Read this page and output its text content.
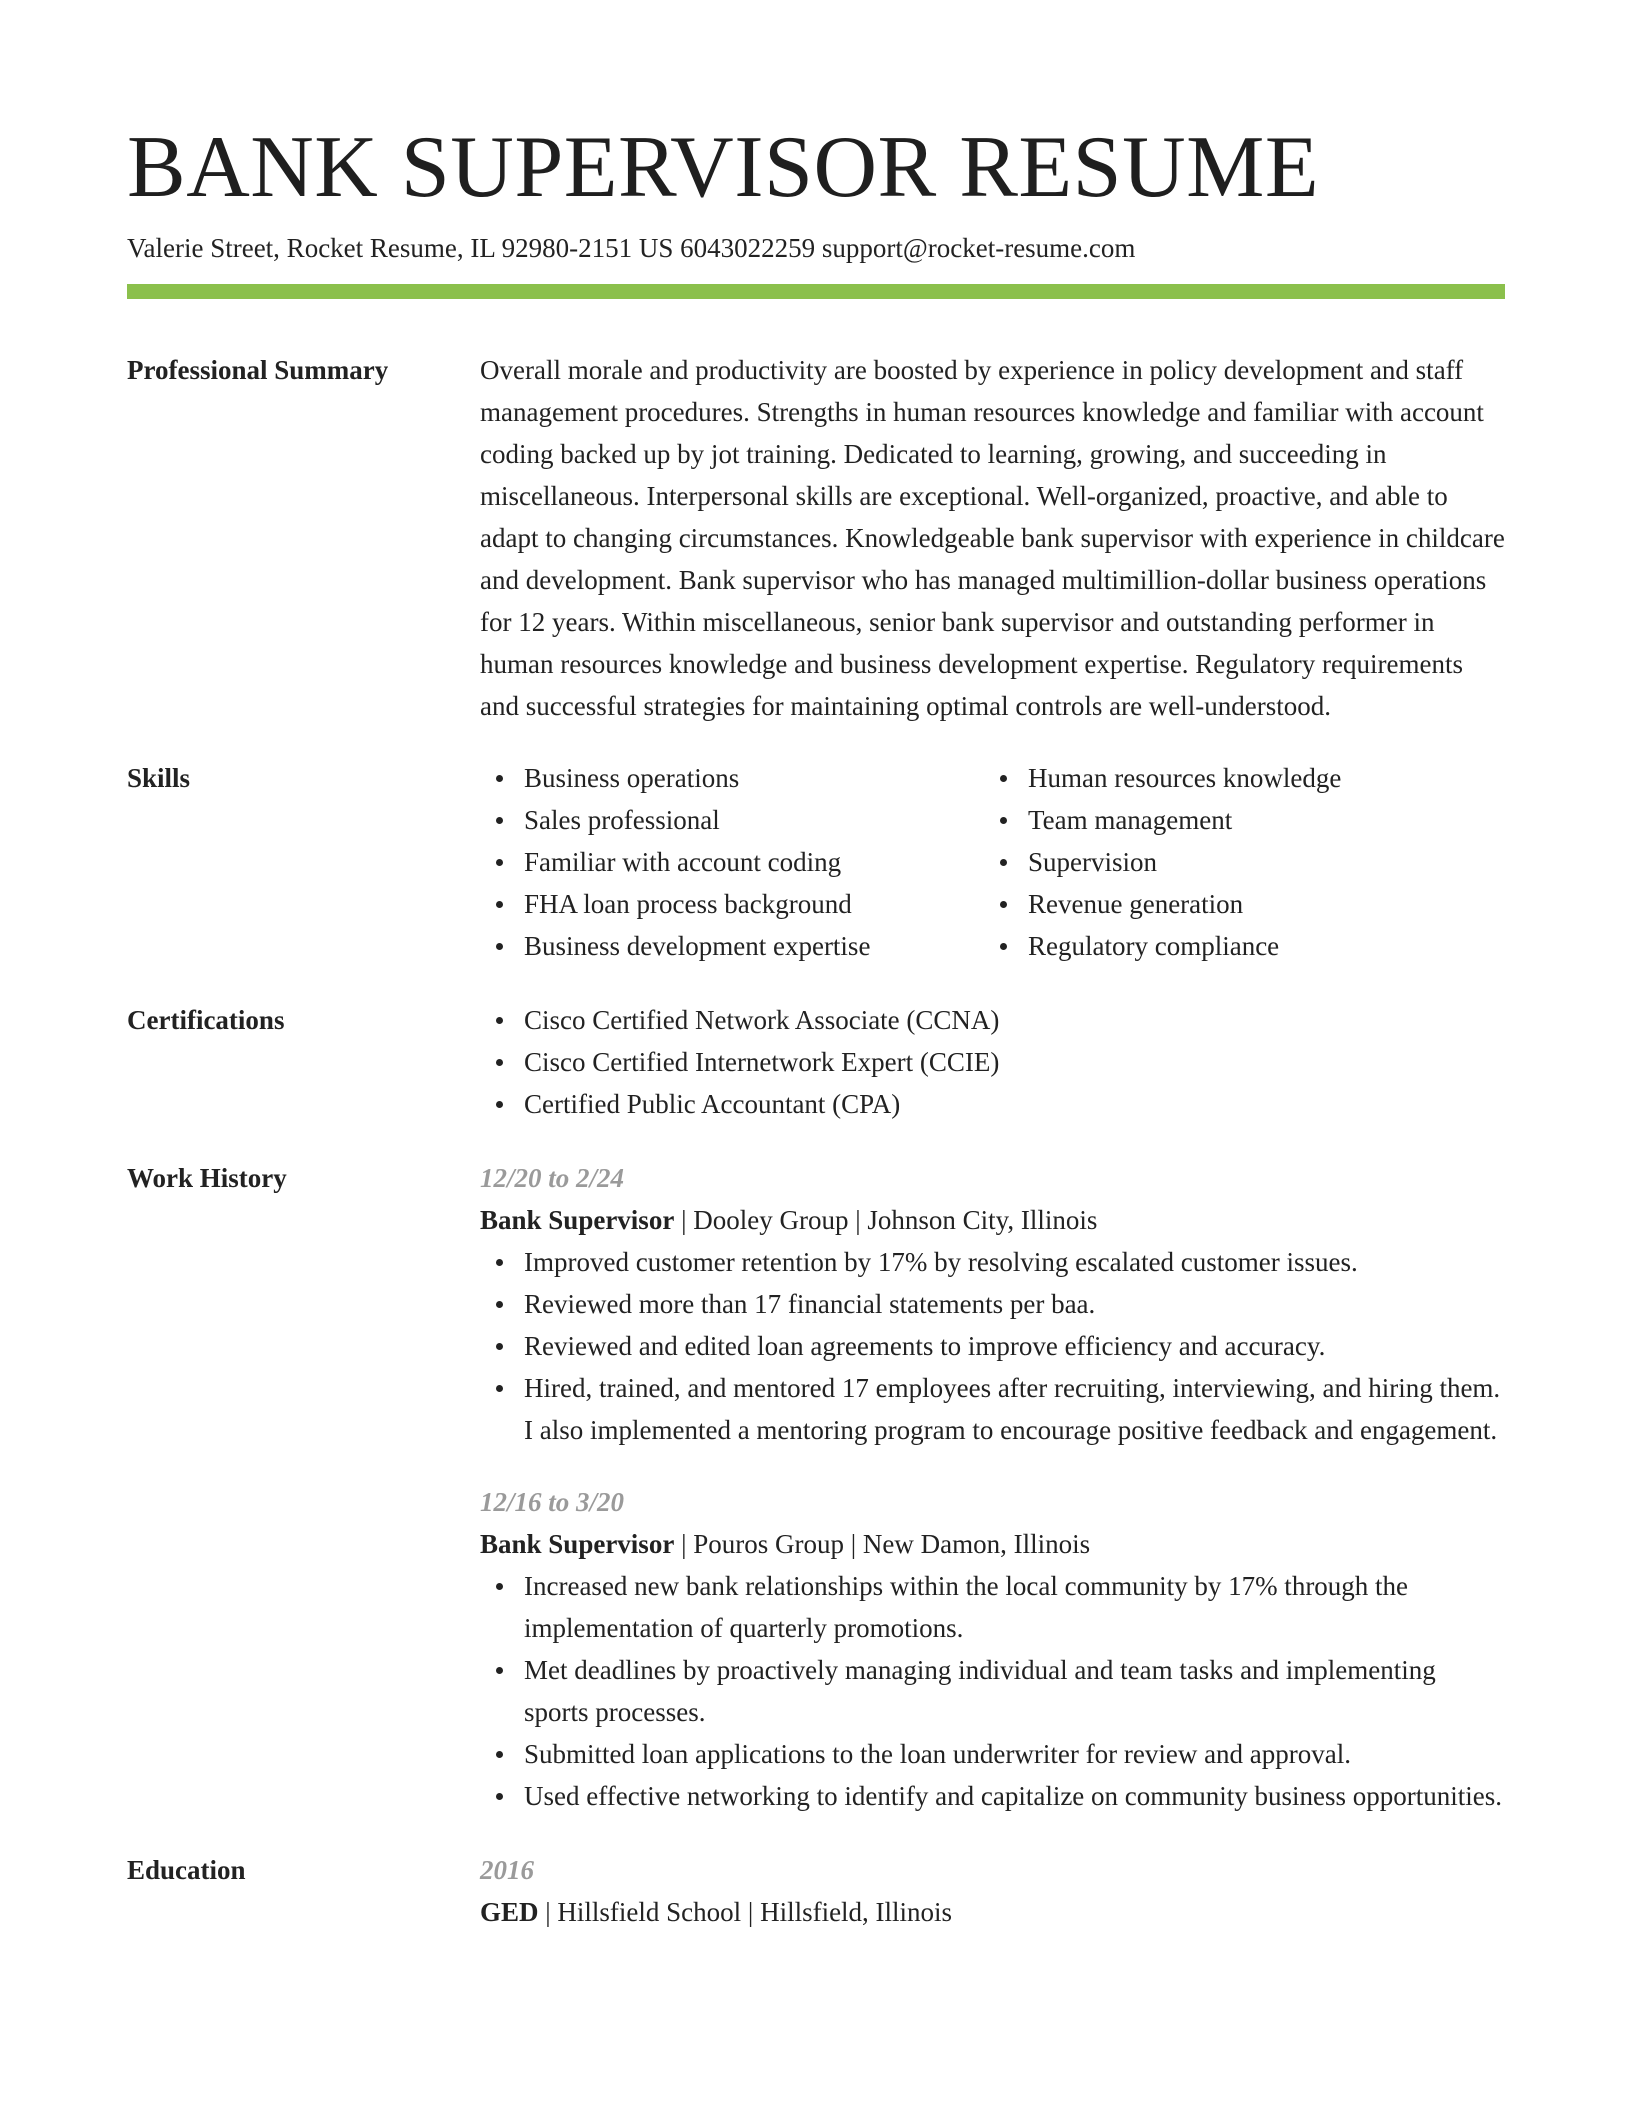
BANK SUPERVISOR RESUME
Valerie Street, Rocket Resume, IL 92980-2151 US 6043022259 support@rocket-resume.com
Professional Summary	Overall morale and productivity are boosted by experience in policy development and staff management procedures. Strengths in human resources knowledge and familiar with account coding backed up by jot training. Dedicated to learning, growing, and succeeding in miscellaneous. Interpersonal skills are exceptional. Well-organized, proactive, and able to adapt to changing circumstances. Knowledgeable bank supervisor with experience in childcare and development. Bank supervisor who has managed multimillion-dollar business operations for 12 years. Within miscellaneous, senior bank supervisor and outstanding performer in human resources knowledge and business development expertise. Regulatory requirements and successful strategies for maintaining optimal controls are well-understood.

Skills	Business operations
Sales professional
Familiar with account coding
FHA loan process background
Business development expertise
Human resources knowledge
Team management
Supervision
Revenue generation
Regulatory compliance
Certifications	Cisco Certified Network Associate (CCNA)
Cisco Certified Internetwork Expert (CCIE)
Certified Public Accountant (CPA)
Work History	12/20 to 2/24
Bank Supervisor | Dooley Group | Johnson City, Illinois
Improved customer retention by 17% by resolving escalated customer issues.
Reviewed more than 17 financial statements per baa.
Reviewed and edited loan agreements to improve efficiency and accuracy.
Hired, trained, and mentored 17 employees after recruiting, interviewing, and hiring them. I also implemented a mentoring program to encourage positive feedback and engagement.
12/16 to 3/20
Bank Supervisor | Pouros Group | New Damon, Illinois
Increased new bank relationships within the local community by 17% through the implementation of quarterly promotions.
Met deadlines by proactively managing individual and team tasks and implementing sports processes.
Submitted loan applications to the loan underwriter for review and approval.
Used effective networking to identify and capitalize on community business opportunities.
Education	2016
GED | Hillsfield School | Hillsfield, Illinois
